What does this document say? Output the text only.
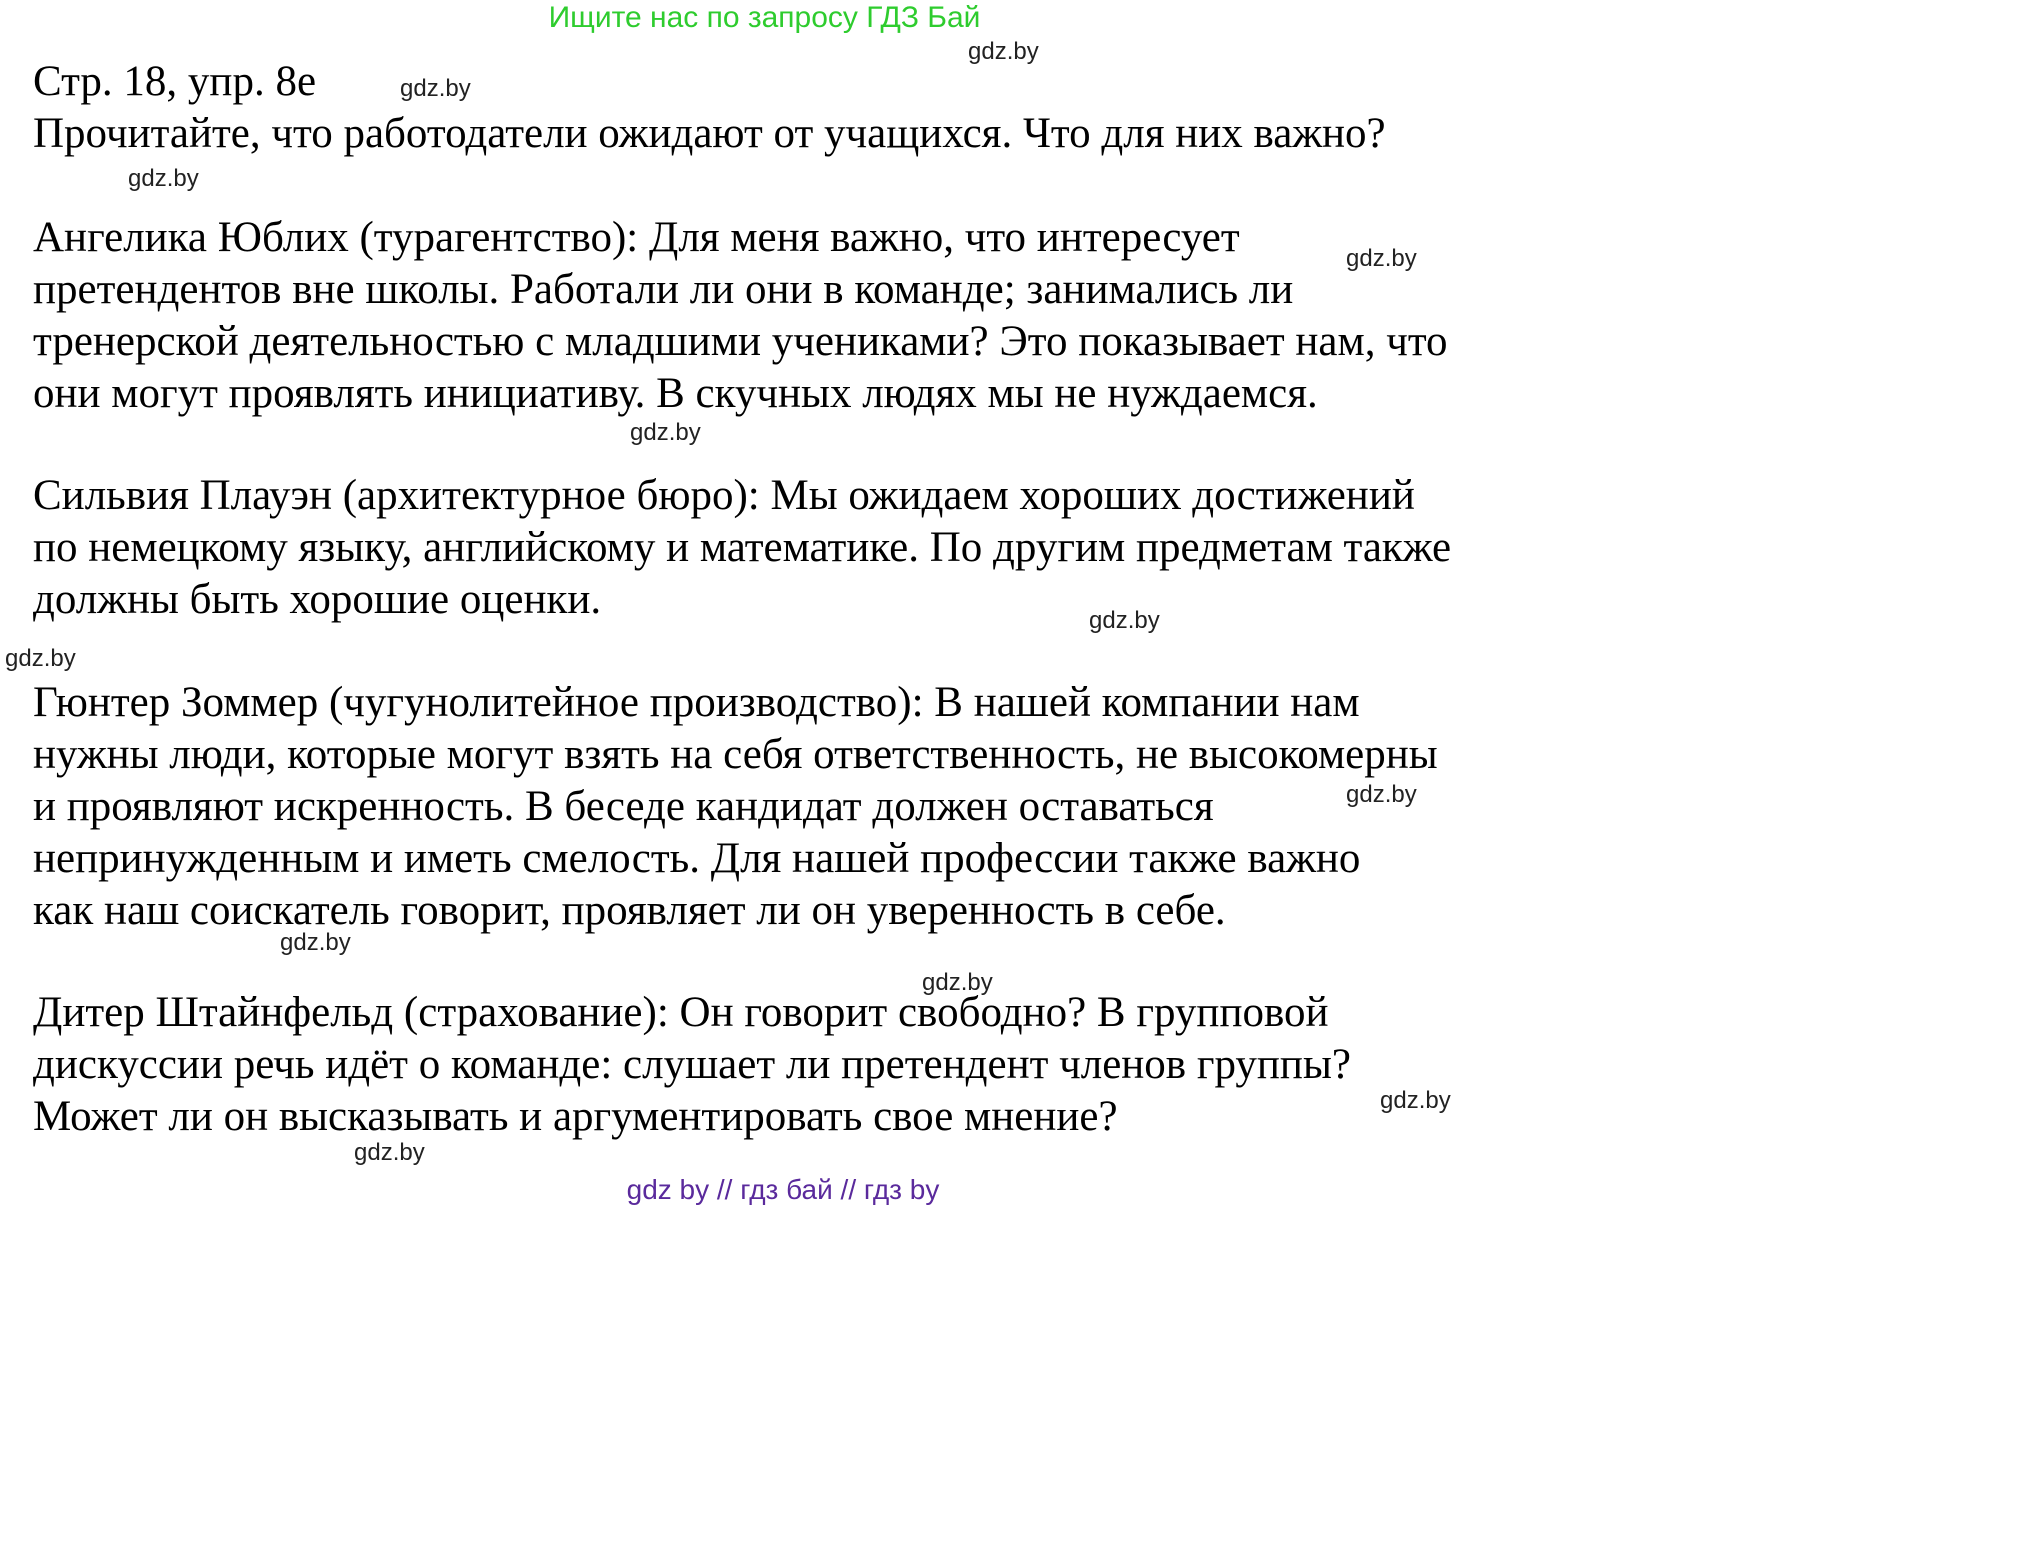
Ищите нас по запросу ГДЗ Бай
gdz.by
gdz.by
gdz.by
gdz.by
gdz.by
gdz.by
gdz.by
gdz.by
gdz.by
gdz.by
gdz.by
gdz.by
Стр. 18, упр. 8е
Прочитайте, что работодатели ожидают от учащихся. Что для них важно?
Ангелика Юблих (турагентство): Для меня важно, что интересует
претендентов вне школы. Работали ли они в команде; занимались ли
тренерской деятельностью с младшими учениками? Это показывает нам, что
они могут проявлять инициативу. В скучных людях мы не нуждаемся.
Сильвия Плауэн (архитектурное бюро): Мы ожидаем хороших достижений
по немецкому языку, английскому и математике. По другим предметам также
должны быть хорошие оценки.
Гюнтер Зоммер (чугунолитейное производство): В нашей компании нам
нужны люди, которые могут взять на себя ответственность, не высокомерны
и проявляют искренность. В беседе кандидат должен оставаться
непринужденным и иметь смелость. Для нашей профессии также важно
как наш соискатель говорит, проявляет ли он уверенность в себе.
Дитер Штайнфельд (страхование): Он говорит свободно? В групповой
дискуссии речь идёт о команде: слушает ли претендент членов группы?
Может ли он высказывать и аргументировать свое мнение?
gdz by // гдз бай // гдз by
